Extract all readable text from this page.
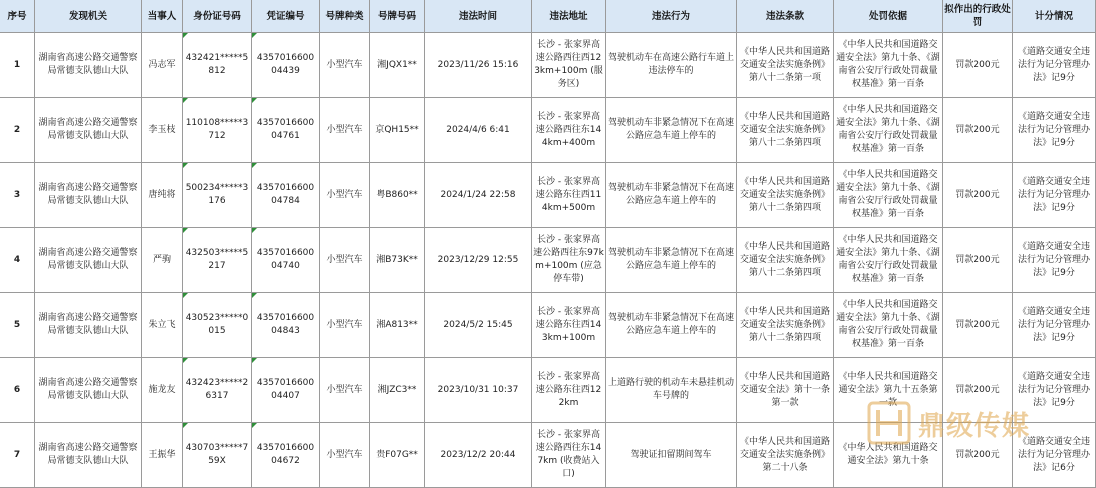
序号	发现机关	当事人	身份证号码	凭证编号	号牌种类	号牌号码	违法时间	违法地址	违法行为	违法条款	处罚依据	拟作出的行政处罚	计分情况
1	湖南省高速公路交通警察局常德支队德山大队	冯志军	432421*****5812	4357016600 04439	小型汽车	湘JQX1**	2023/11/26 15:16	长沙 - 张家界高速公路西往西123km+100m (服务区)	驾驶机动车在高速公路行车道上违法停车的	《中华人民共和国道路交通安全法实施条例》第八十二条第一项	《中华人民共和国道路交通安全法》第九十条、《湖南省公安厅行政处罚裁量权基准》第一百条	罚款200元	《道路交通安全违法行为记分管理办法》记9分
2	湖南省高速公路交通警察局常德支队德山大队	李玉枝	110108*****3712	4357016600 04761	小型汽车	京QH15**	2024/4/6 6:41	长沙 - 张家界高速公路西往东144km+400m	驾驶机动车非紧急情况下在高速公路应急车道上停车的	《中华人民共和国道路交通安全法实施条例》第八十二条第四项	《中华人民共和国道路交通安全法》第九十条、《湖南省公安厅行政处罚裁量权基准》第一百条	罚款200元	《道路交通安全违法行为记分管理办法》记9分
3	湖南省高速公路交通警察局常德支队德山大队	唐纯将	500234*****3176	4357016600 04784	小型汽车	粤B860**	2024/1/24 22:58	长沙 - 张家界高速公路东往西114km+500m	驾驶机动车非紧急情况下在高速公路应急车道上停车的	《中华人民共和国道路交通安全法实施条例》第八十二条第四项	《中华人民共和国道路交通安全法》第九十条、《湖南省公安厅行政处罚裁量权基准》第一百条	罚款200元	《道路交通安全违法行为记分管理办法》记9分
4	湖南省高速公路交通警察局常德支队德山大队	严驹	432503*****5217	4357016600 04740	小型汽车	湘B73K**	2023/12/29 12:55	长沙 - 张家界高速公路西往东97km+100m (应急停车带)	驾驶机动车非紧急情况下在高速公路应急车道上停车的	《中华人民共和国道路交通安全法实施条例》第八十二条第四项	《中华人民共和国道路交通安全法》第九十条、《湖南省公安厅行政处罚裁量权基准》第一百条	罚款200元	《道路交通安全违法行为记分管理办法》记9分
5	湖南省高速公路交通警察局常德支队德山大队	朱立飞	430523*****0015	4357016600 04843	小型汽车	湘A813**	2024/5/2 15:45	长沙 - 张家界高速公路东往西143km+100m	驾驶机动车非紧急情况下在高速公路应急车道上停车的	《中华人民共和国道路交通安全法实施条例》第八十二条第四项	《中华人民共和国道路交通安全法》第九十条、《湖南省公安厅行政处罚裁量权基准》第一百条	罚款200元	《道路交通安全违法行为记分管理办法》记9分
6	湖南省高速公路交通警察局常德支队德山大队	施龙友	432423*****26317	4357016600 04407	小型汽车	湘JZC3**	2023/10/31 10:37	长沙 - 张家界高速公路东往西122km	上道路行驶的机动车未悬挂机动车号牌的	《中华人民共和国道路交通安全法》第十一条第一款	《中华人民共和国道路交通安全法》第九十五条第一款	罚款200元	《道路交通安全违法行为记分管理办法》记9分
7	湖南省高速公路交通警察局常德支队德山大队	王振华	430703*****759X	4357016600 04672	小型汽车	贵F07G**	2023/12/2 20:44	长沙 - 张家界高速公路西往东147km (收费站入口)	驾驶证扣留期间驾车	《中华人民共和国道路交通安全法实施条例》第二十八条	《中华人民共和国道路交通安全法》第九十条	罚款200元	《道路交通安全违法行为记分管理办法》记6分
鼎级传媒
